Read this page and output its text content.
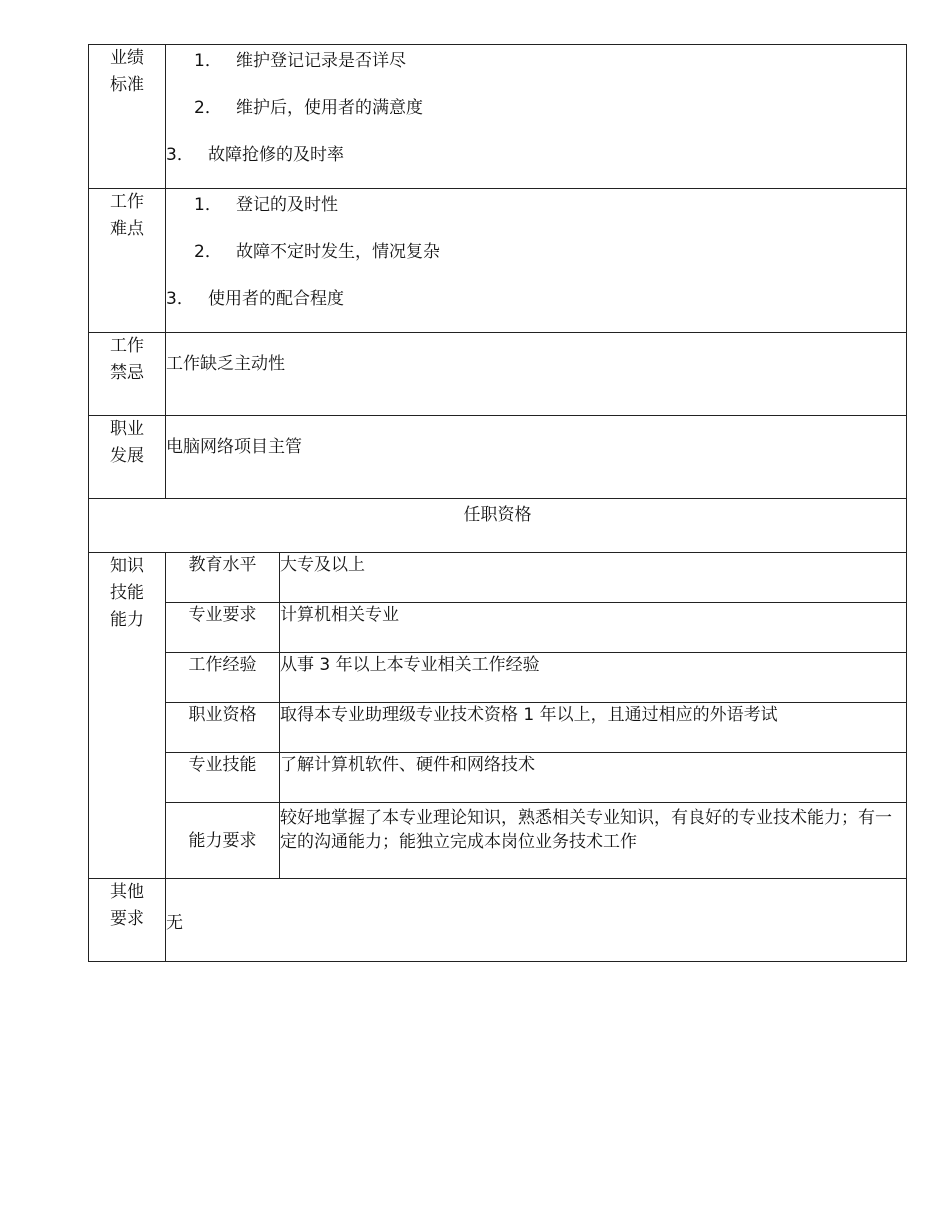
业绩标准	1． 维护登记记录是否详尽
2． 维护后，使用者的满意度
3． 故障抢修的及时率	

工作难点	1． 登记的及时性
2． 故障不定时发生，情况复杂
3． 使用者的配合程度	

工作禁忌	工作缺乏主动性	

职业发展	电脑网络项目主管	

任职资格		

知识技能能力	教育水平	大专及以上
	专业要求	计算机相关专业
	工作经验	从事 3 年以上本专业相关工作经验
	职业资格	取得本专业助理级专业技术资格 1 年以上，且通过相应的外语考试
	专业技能	了解计算机软件、硬件和网络技术
	能力要求	较好地掌握了本专业理论知识，熟悉相关专业知识，有良好的专业技术能力；有一定的沟通能力；能独立完成本岗位业务技术工作

其他要求	无	
